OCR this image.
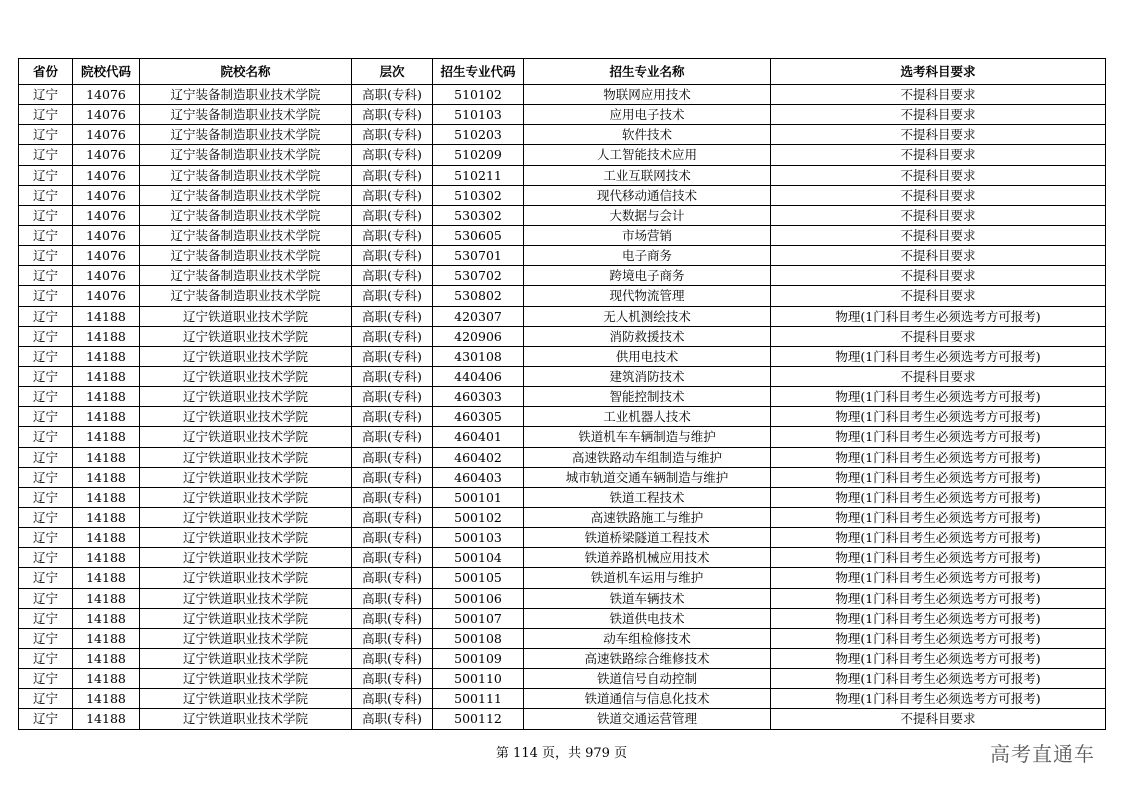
省份	院校代码	院校名称	层次	招生专业代码	招生专业名称	选考科目要求
辽宁	14076	辽宁装备制造职业技术学院	高职(专科)	510102	物联网应用技术	不提科目要求
辽宁	14076	辽宁装备制造职业技术学院	高职(专科)	510103	应用电子技术	不提科目要求
辽宁	14076	辽宁装备制造职业技术学院	高职(专科)	510203	软件技术	不提科目要求
辽宁	14076	辽宁装备制造职业技术学院	高职(专科)	510209	人工智能技术应用	不提科目要求
辽宁	14076	辽宁装备制造职业技术学院	高职(专科)	510211	工业互联网技术	不提科目要求
辽宁	14076	辽宁装备制造职业技术学院	高职(专科)	510302	现代移动通信技术	不提科目要求
辽宁	14076	辽宁装备制造职业技术学院	高职(专科)	530302	大数据与会计	不提科目要求
辽宁	14076	辽宁装备制造职业技术学院	高职(专科)	530605	市场营销	不提科目要求
辽宁	14076	辽宁装备制造职业技术学院	高职(专科)	530701	电子商务	不提科目要求
辽宁	14076	辽宁装备制造职业技术学院	高职(专科)	530702	跨境电子商务	不提科目要求
辽宁	14076	辽宁装备制造职业技术学院	高职(专科)	530802	现代物流管理	不提科目要求
辽宁	14188	辽宁铁道职业技术学院	高职(专科)	420307	无人机测绘技术	物理(1门科目考生必须选考方可报考)
辽宁	14188	辽宁铁道职业技术学院	高职(专科)	420906	消防救援技术	不提科目要求
辽宁	14188	辽宁铁道职业技术学院	高职(专科)	430108	供用电技术	物理(1门科目考生必须选考方可报考)
辽宁	14188	辽宁铁道职业技术学院	高职(专科)	440406	建筑消防技术	不提科目要求
辽宁	14188	辽宁铁道职业技术学院	高职(专科)	460303	智能控制技术	物理(1门科目考生必须选考方可报考)
辽宁	14188	辽宁铁道职业技术学院	高职(专科)	460305	工业机器人技术	物理(1门科目考生必须选考方可报考)
辽宁	14188	辽宁铁道职业技术学院	高职(专科)	460401	铁道机车车辆制造与维护	物理(1门科目考生必须选考方可报考)
辽宁	14188	辽宁铁道职业技术学院	高职(专科)	460402	高速铁路动车组制造与维护	物理(1门科目考生必须选考方可报考)
辽宁	14188	辽宁铁道职业技术学院	高职(专科)	460403	城市轨道交通车辆制造与维护	物理(1门科目考生必须选考方可报考)
辽宁	14188	辽宁铁道职业技术学院	高职(专科)	500101	铁道工程技术	物理(1门科目考生必须选考方可报考)
辽宁	14188	辽宁铁道职业技术学院	高职(专科)	500102	高速铁路施工与维护	物理(1门科目考生必须选考方可报考)
辽宁	14188	辽宁铁道职业技术学院	高职(专科)	500103	铁道桥梁隧道工程技术	物理(1门科目考生必须选考方可报考)
辽宁	14188	辽宁铁道职业技术学院	高职(专科)	500104	铁道养路机械应用技术	物理(1门科目考生必须选考方可报考)
辽宁	14188	辽宁铁道职业技术学院	高职(专科)	500105	铁道机车运用与维护	物理(1门科目考生必须选考方可报考)
辽宁	14188	辽宁铁道职业技术学院	高职(专科)	500106	铁道车辆技术	物理(1门科目考生必须选考方可报考)
辽宁	14188	辽宁铁道职业技术学院	高职(专科)	500107	铁道供电技术	物理(1门科目考生必须选考方可报考)
辽宁	14188	辽宁铁道职业技术学院	高职(专科)	500108	动车组检修技术	物理(1门科目考生必须选考方可报考)
辽宁	14188	辽宁铁道职业技术学院	高职(专科)	500109	高速铁路综合维修技术	物理(1门科目考生必须选考方可报考)
辽宁	14188	辽宁铁道职业技术学院	高职(专科)	500110	铁道信号自动控制	物理(1门科目考生必须选考方可报考)
辽宁	14188	辽宁铁道职业技术学院	高职(专科)	500111	铁道通信与信息化技术	物理(1门科目考生必须选考方可报考)
辽宁	14188	辽宁铁道职业技术学院	高职(专科)	500112	铁道交通运营管理	不提科目要求
第 114 页，共 979 页	高考直通车
